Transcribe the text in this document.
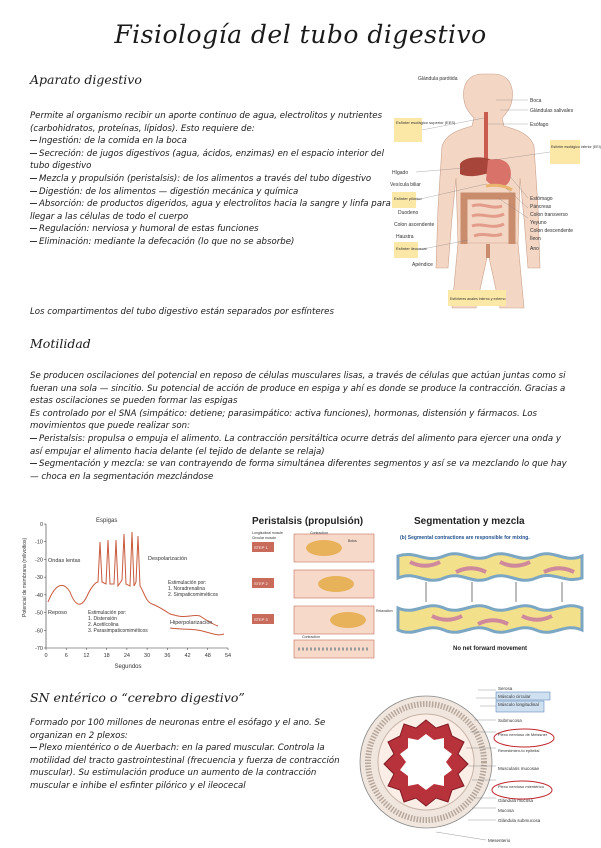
Fisiología del tubo digestivo
Aparato digestivo

Permite al organismo recibir un aporte continuo de agua, electrolitos y nutrientes (carbohidratos, proteínas, lípidos). Esto requiere de:

Ingestión: de la comida en la boca

Secreción: de jugos digestivos (agua, ácidos, enzimas) en el espacio interior del tubo digestivo

Mezcla y propulsión (peristalsis): de los alimentos a través del tubo digestivo

Digestión: de los alimentos — digestión mecánica y química

Absorción: de productos digeridos, agua y electrolitos hacia la sangre y linfa para llegar a las células de todo el cuerpo

Regulación: nerviosa y humoral de estas funciones

Eliminación: mediante la defecación (lo que no se absorbe)

Los compartimentos del tubo digestivo están separados por esfínteres
Glándula parótida
Esfínter esofágico superior (EES)
Hígado
Vesícula biliar
Esfínter pilórico
Duodeno
Colon ascendente
Haustra
Esfínter ileocecal
Apéndice
Boca
Glándulas salivales
Esófago
Esfínter esofágico inferior (EEI)
Estómago
Páncreas
Colon transverso
Yeyuno
Colon descendente
Íleon
Ano
Esfínteres anales interno y externo
Motilidad

Se producen oscilaciones del potencial en reposo de células musculares lisas, a través de células que actúan juntas como si fueran una sola — sincitio. Su potencial de acción de produce en espiga y ahí es donde se produce la contracción. Gracias a estas oscilaciones se pueden formar las espigas

Es controlado por el SNA (simpático: detiene; parasimpático: activa funciones), hormonas, distensión y fármacos. Los movimientos que puede realizar son:

Peristalsis: propulsa o empuja el alimento. La contracción persitáltica ocurre detrás del alimento para ejercer una onda y así empujar el alimento hacia delante (el tejido de delante se relaja)

Segmentación y mezcla: se van contrayendo de forma simultánea diferentes segmentos y así se va mezclando lo que hay — choca en la segmentación mezclándose

0
-10
-20
-30
-40
-50
-60
-70
0	6	12	18	24	30	36	42	48	54
Potencial de membrana (milivoltios)
Segundos
Espigas
Ondas lentas	Despolarización
Reposo	Estimulación por: 1. Distensión 2. Acetilcolina 3. Parasimpaticomiméticos
Estimulación por: 1. Noradrenalina 2. Simpaticomiméticos
Hiperpolarización
Peristalsis (propulsión)
STEP 1
STEP 2
STEP 3
Longitudinal muscle
Circular muscle
Contraction
Bolus
Relaxation
Contraction
Segmentation y mezcla
(b) Segmental contractions are responsible for mixing.
No net forward movement
SN entérico o “cerebro digestivo”

Formado por 100 millones de neuronas entre el esófago y el ano. Se organizan en 2 plexos:

Plexo mientérico o de Auerbach: en la pared muscular. Controla la motilidad del tracto gastrointestinal (frecuencia y fuerza de contracción muscular). Su estimulación produce un aumento de la contracción muscular e inhibe el esfinter pilórico y el ileocecal

Serosa
Músculo circular
Músculo longitudinal
Submucosa
Plexo nervioso de Meissner
Revestimien-to epitelial
Muscularis mucosae
Plexo nervioso mientérico
Glándula mucosa
Mucosa
Glándula submucosa
Mesenterio
